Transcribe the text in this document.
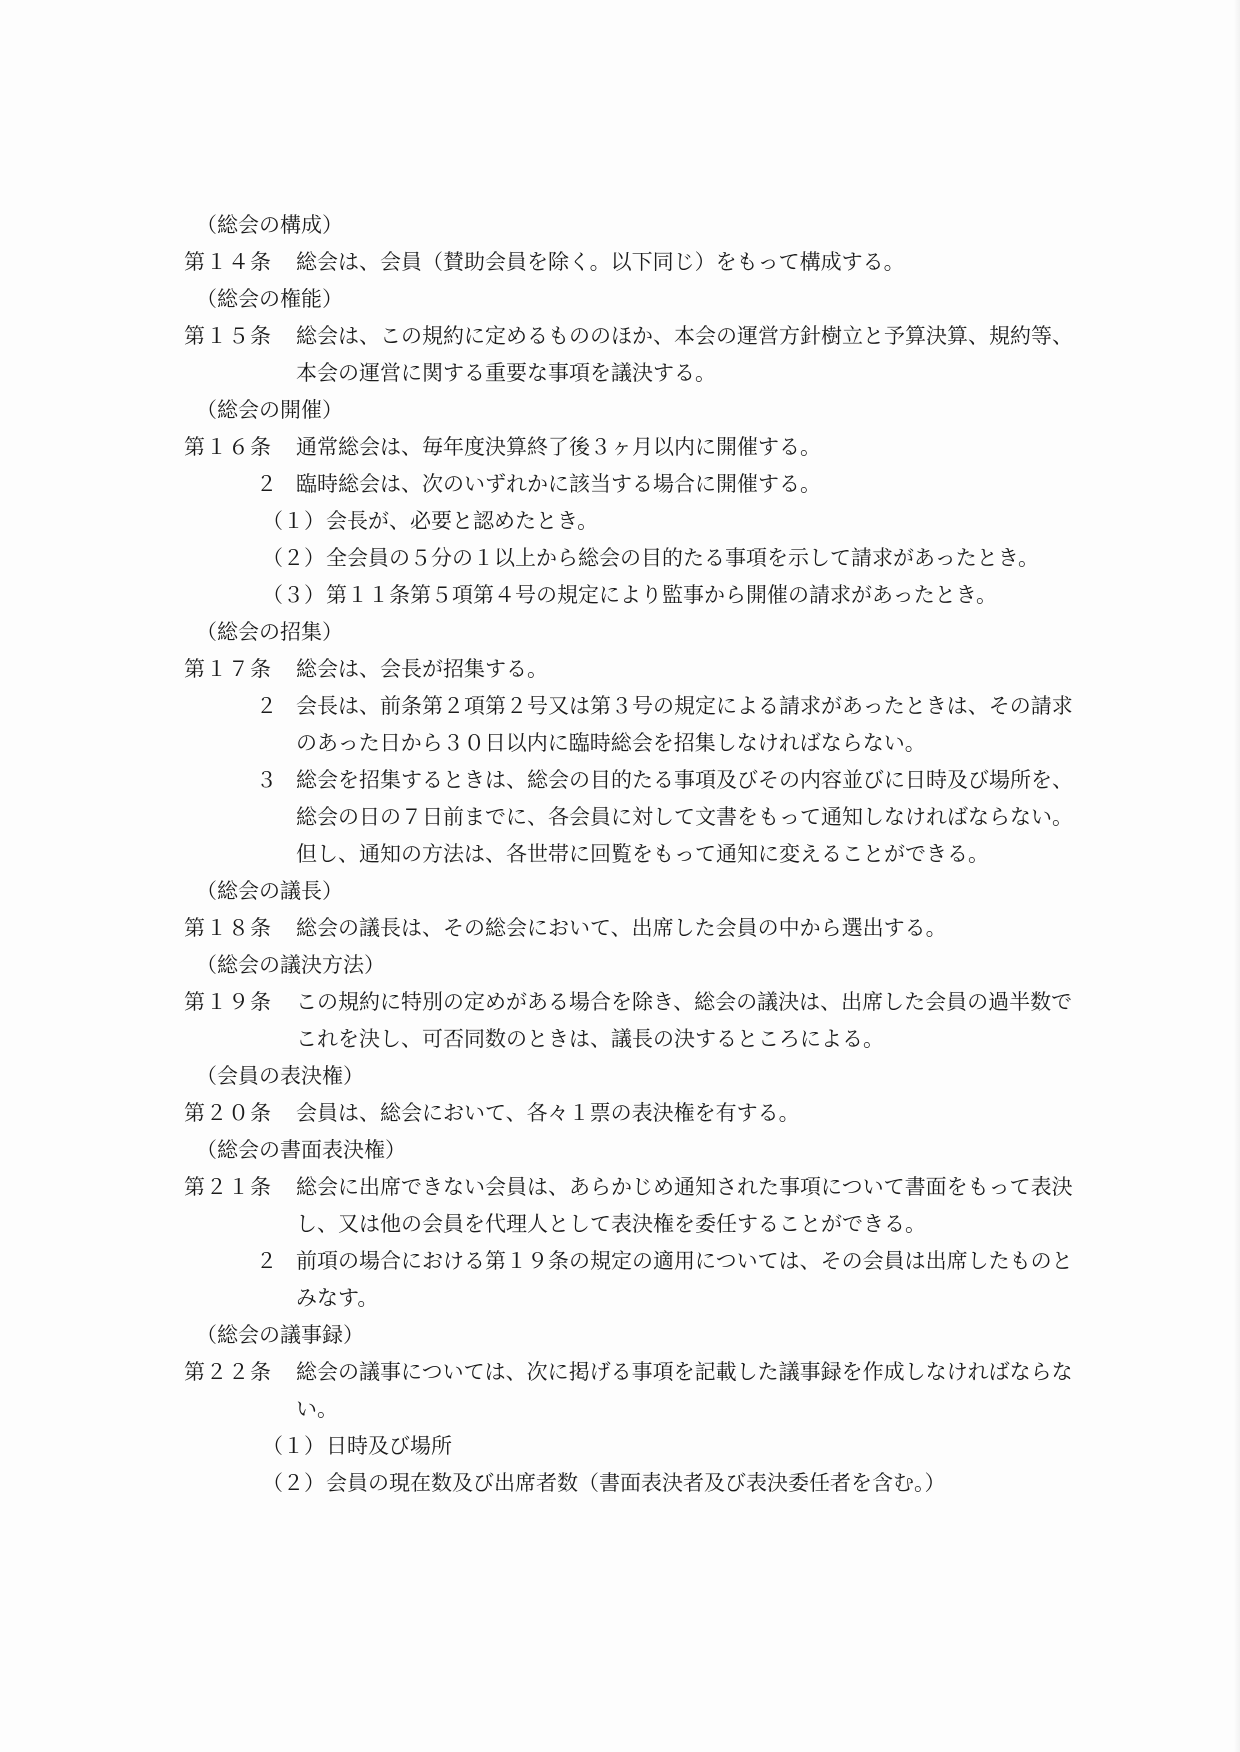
（総会の構成）
第１４条	総会は、会員（賛助会員を除く。以下同じ）をもって構成する。
（総会の権能）
第１５条	総会は、この規約に定めるもののほか、本会の運営方針樹立と予算決算、規約等、本会の運営に関する重要な事項を議決する。
（総会の開催）
第１６条	通常総会は、毎年度決算終了後３ヶ月以内に開催する。
２ 臨時総会は、次のいずれかに該当する場合に開催する。
（１） 会長が、必要と認めたとき。
（２） 全会員の５分の１以上から総会の目的たる事項を示して請求があったとき。
（３） 第１１条第５項第４号の規定により監事から開催の請求があったとき。
（総会の招集）
第１７条	総会は、会長が招集する。
２ 会長は、前条第２項第２号又は第３号の規定による請求があったときは、その請求のあった日から３０日以内に臨時総会を招集しなければならない。
３ 総会を招集するときは、総会の目的たる事項及びその内容並びに日時及び場所を、総会の日の７日前までに、各会員に対して文書をもって通知しなければならない。但し、通知の方法は、各世帯に回覧をもって通知に変えることができる。
（総会の議長）
第１８条	総会の議長は、その総会において、出席した会員の中から選出する。
（総会の議決方法）
第１９条	この規約に特別の定めがある場合を除き、総会の議決は、出席した会員の過半数でこれを決し、可否同数のときは、議長の決するところによる。
（会員の表決権）
第２０条	会員は、総会において、各々１票の表決権を有する。
（総会の書面表決権）
第２１条	総会に出席できない会員は、あらかじめ通知された事項について書面をもって表決し、又は他の会員を代理人として表決権を委任することができる。
２ 前項の場合における第１９条の規定の適用については、その会員は出席したものとみなす。
（総会の議事録）
第２２条	総会の議事については、次に掲げる事項を記載した議事録を作成しなければならない。
（１） 日時及び場所
（２） 会員の現在数及び出席者数（書面表決者及び表決委任者を含む。）
